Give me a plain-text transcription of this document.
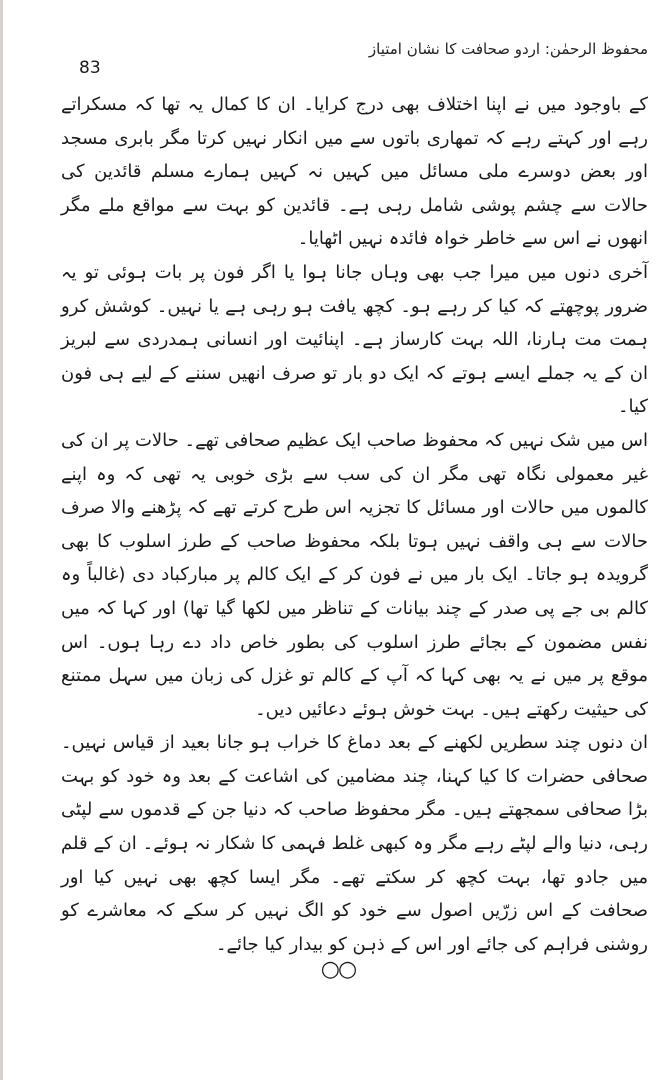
محفوظ الرحمٰن: اردو صحافت کا نشان امتیاز
83

کے باوجود میں نے اپنا اختلاف بھی درج کرایا۔ ان کا کمال یہ تھا کہ مسکراتے رہے اور کہتے رہے کہ تمھاری باتوں سے میں انکار نہیں کرتا مگر بابری مسجد اور بعض دوسرے ملی مسائل میں کہیں نہ کہیں ہمارے مسلم قائدین کی حالات سے چشم پوشی شامل رہی ہے۔ قائدین کو بہت سے مواقع ملے مگر انھوں نے اس سے خاطر خواہ فائدہ نہیں اٹھایا۔

آخری دنوں میں میرا جب بھی وہاں جانا ہوا یا اگر فون پر بات ہوئی تو یہ ضرور پوچھتے کہ کیا کر رہے ہو۔ کچھ یافت ہو رہی ہے یا نہیں۔ کوشش کرو ہمت مت ہارنا، اللہ بہت کارساز ہے۔ اپنائیت اور انسانی ہمدردی سے لبریز ان کے یہ جملے ایسے ہوتے کہ ایک دو بار تو صرف انھیں سننے کے لیے ہی فون کیا۔

اس میں شک نہیں کہ محفوظ صاحب ایک عظیم صحافی تھے۔ حالات پر ان کی غیر معمولی نگاہ تھی مگر ان کی سب سے بڑی خوبی یہ تھی کہ وہ اپنے کالموں میں حالات اور مسائل کا تجزیہ اس طرح کرتے تھے کہ پڑھنے والا صرف حالات سے ہی واقف نہیں ہوتا بلکہ محفوظ صاحب کے طرز اسلوب کا بھی گرویدہ ہو جاتا۔ ایک بار میں نے فون کر کے ایک کالم پر مبارکباد دی (غالباً وہ کالم بی جے پی صدر کے چند بیانات کے تناظر میں لکھا گیا تھا) اور کہا کہ میں نفس مضمون کے بجائے طرز اسلوب کی بطور خاص داد دے رہا ہوں۔ اس موقع پر میں نے یہ بھی کہا کہ آپ کے کالم تو غزل کی زبان میں سہل ممتنع کی حیثیت رکھتے ہیں۔ بہت خوش ہوئے دعائیں دیں۔

ان دنوں چند سطریں لکھنے کے بعد دماغ کا خراب ہو جانا بعید از قیاس نہیں۔ صحافی حضرات کا کیا کہنا، چند مضامین کی اشاعت کے بعد وہ خود کو بہت بڑا صحافی سمجھتے ہیں۔ مگر محفوظ صاحب کہ دنیا جن کے قدموں سے لپٹی رہی، دنیا والے لپٹے رہے مگر وہ کبھی غلط فہمی کا شکار نہ ہوئے۔ ان کے قلم میں جادو تھا، بہت کچھ کر سکتے تھے۔ مگر ایسا کچھ بھی نہیں کیا اور صحافت کے اس زرّیں اصول سے خود کو الگ نہیں کر سکے کہ معاشرے کو روشنی فراہم کی جائے اور اس کے ذہن کو بیدار کیا جائے۔

○○
